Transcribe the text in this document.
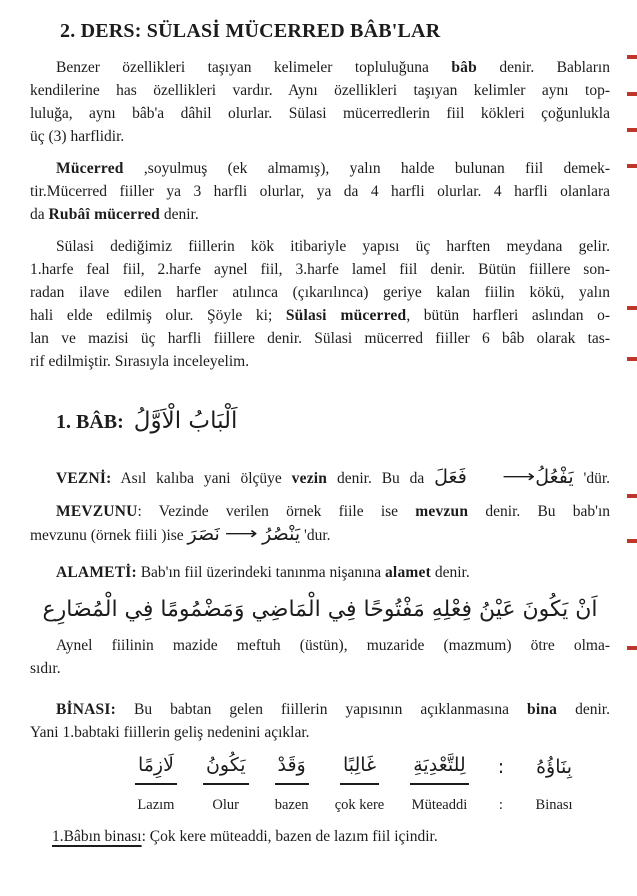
2. DERS: SÜLASİ MÜCERRED BÂB'LAR
Benzer özellikleri taşıyan kelimeler topluluğuna bâb denir. Babların
kendilerine has özellikleri vardır. Aynı özellikleri taşıyan kelimler aynı top-
luluğa, aynı bâb'a dâhil olurlar. Sülasi mücerredlerin fiil kökleri çoğunlukla
üç (3) harflidir.
Mücerred ,soyulmuş (ek almamış), yalın halde bulunan fiil demek-
tir.Mücerred fiiller ya 3 harfli olurlar, ya da 4 harfli olurlar. 4 harfli olanlara
da Rubâî mücerred denir.
Sülasi dediğimiz fiillerin kök itibariyle yapısı üç harften meydana gelir.
1.harfe feal fiil, 2.harfe aynel fiil, 3.harfe lamel fiil denir. Bütün fiillere son-
radan ilave edilen harfler atılınca (çıkarılınca) geriye kalan fiilin kökü, yalın
hali elde edilmiş olur. Şöyle ki; Sülasi mücerred, bütün harfleri aslından o-
lan ve mazisi üç harfli fiillere denir. Sülasi mücerred fiiller 6 bâb olarak tas-
rif edilmiştir. Sırasıyla inceleyelim.
1. BÂB: اَلْبَابُ الْاَوَّلُ
VEZNİ: Asıl kalıba yani ölçüye vezin denir. Bu da فَعَلَ ⟶يَفْعُلُ 'dür.
MEVZUNU: Vezinde verilen örnek fiile ise mevzun denir. Bu bab'ın
mevzunu (örnek fiili )ise نَصَرَ ⟶ يَنْصُرُ 'dur.
ALAMETİ: Bab'ın fiil üzerindeki tanınma nişanına alamet denir.
اَنْ يَكُونَ عَيْنُ فِعْلِهِ مَفْتُوحًا فِي الْمَاضِي وَمَضْمُومًا فِي الْمُضَارِع
Aynel fiilinin mazide meftuh (üstün), muzaride (mazmum) ötre olma-
sıdır.
BİNASI: Bu babtan gelen fiillerin yapısının açıklanmasına bina denir.
Yani 1.babtaki fiillerin geliş nedenini açıklar.
بِنَاؤُهُ
Binası
:
:
لِلتَّعْدِيَةِ
Müteaddi
غَالِبًا
çok kere
وَقَدْ
bazen
يَكُونُ
Olur
لَازِمًا
Lazım
1.Bâbın binası: Çok kere müteaddi, bazen de lazım fiil içindir.
